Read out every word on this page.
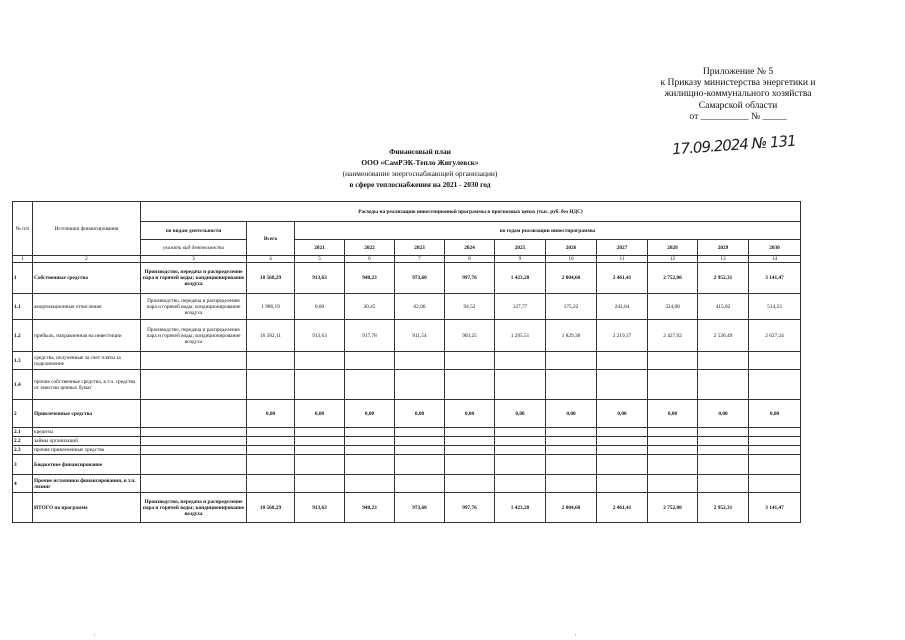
Приложение № 5
к Приказу министерства энергетики и
жилищно-коммунального хозяйства
Самарской области
от __________ № _____
17.09.2024 № 131
Финансовый план
ООО «СамРЭК-Тепло Жигулевск»
(наименование энергоснабжающей организации)
в сфере теплоснабжения на 2021 - 2030 год
№ п/п	Источники финансирования	Расходы на реализацию инвестиционной программы в прогнозных ценах (тыс. руб. без НДС)											
		по видам деятельности	Всего	по годам реализации инвестпрограммы									
		указать вид деятельности		2021	2022	2023	2024	2025	2026	2027	2028	2029	2030
1	2	3	4	5	6	7	8	9	10	11	12	13	14
1	Собственные средства	Производство, передача и распределение пара и горячей воды; кондиционирование воздуха	18 568,29	913,63	948,23	973,60	997,76	1 423,28	2 004,60	2 461,41	2 752,00	2 952,31	3 141,47
1.1	амортизационные отчисления	Производство, передача и распределение пара и горячей воды; кондиционирование воздуха	1 986,19	0,00	30,45	62,06	94,52	127,77	175,22	242,04	324,08	415,82	514,23
1.2	прибыль, направленная на инвестиции	Производство, передача и распределение пара и горячей воды; кондиционирование воздуха	16 582,11	913,63	917,78	911,54	903,25	1 295,51	1 829,38	2 219,37	2 427,92	2 536,49	2 627,24
1.3	средства, полученные за счет платы за подключение												
1.4	прочие собственные средства, в т.ч. средства от эмиссии ценных бумаг												
2	Привлеченные средства		0,00	0,00	0,00	0,00	0,00	0,00	0,00	0,00	0,00	0,00	0,00
2.1	кредиты												
2.2	займы организаций												
2.3	прочие привлеченные средства												
3	Бюджетное финансирование												
4	Прочие источники финансирования, в т.ч. лизинг												
	ИТОГО по программе	Производство, передача и распределение пара и горячей воды; кондиционирование воздуха	18 568,29	913,63	948,23	973,60	997,76	1 423,28	2 004,60	2 461,41	2 752,00	2 952,31	3 141,47
·	·
